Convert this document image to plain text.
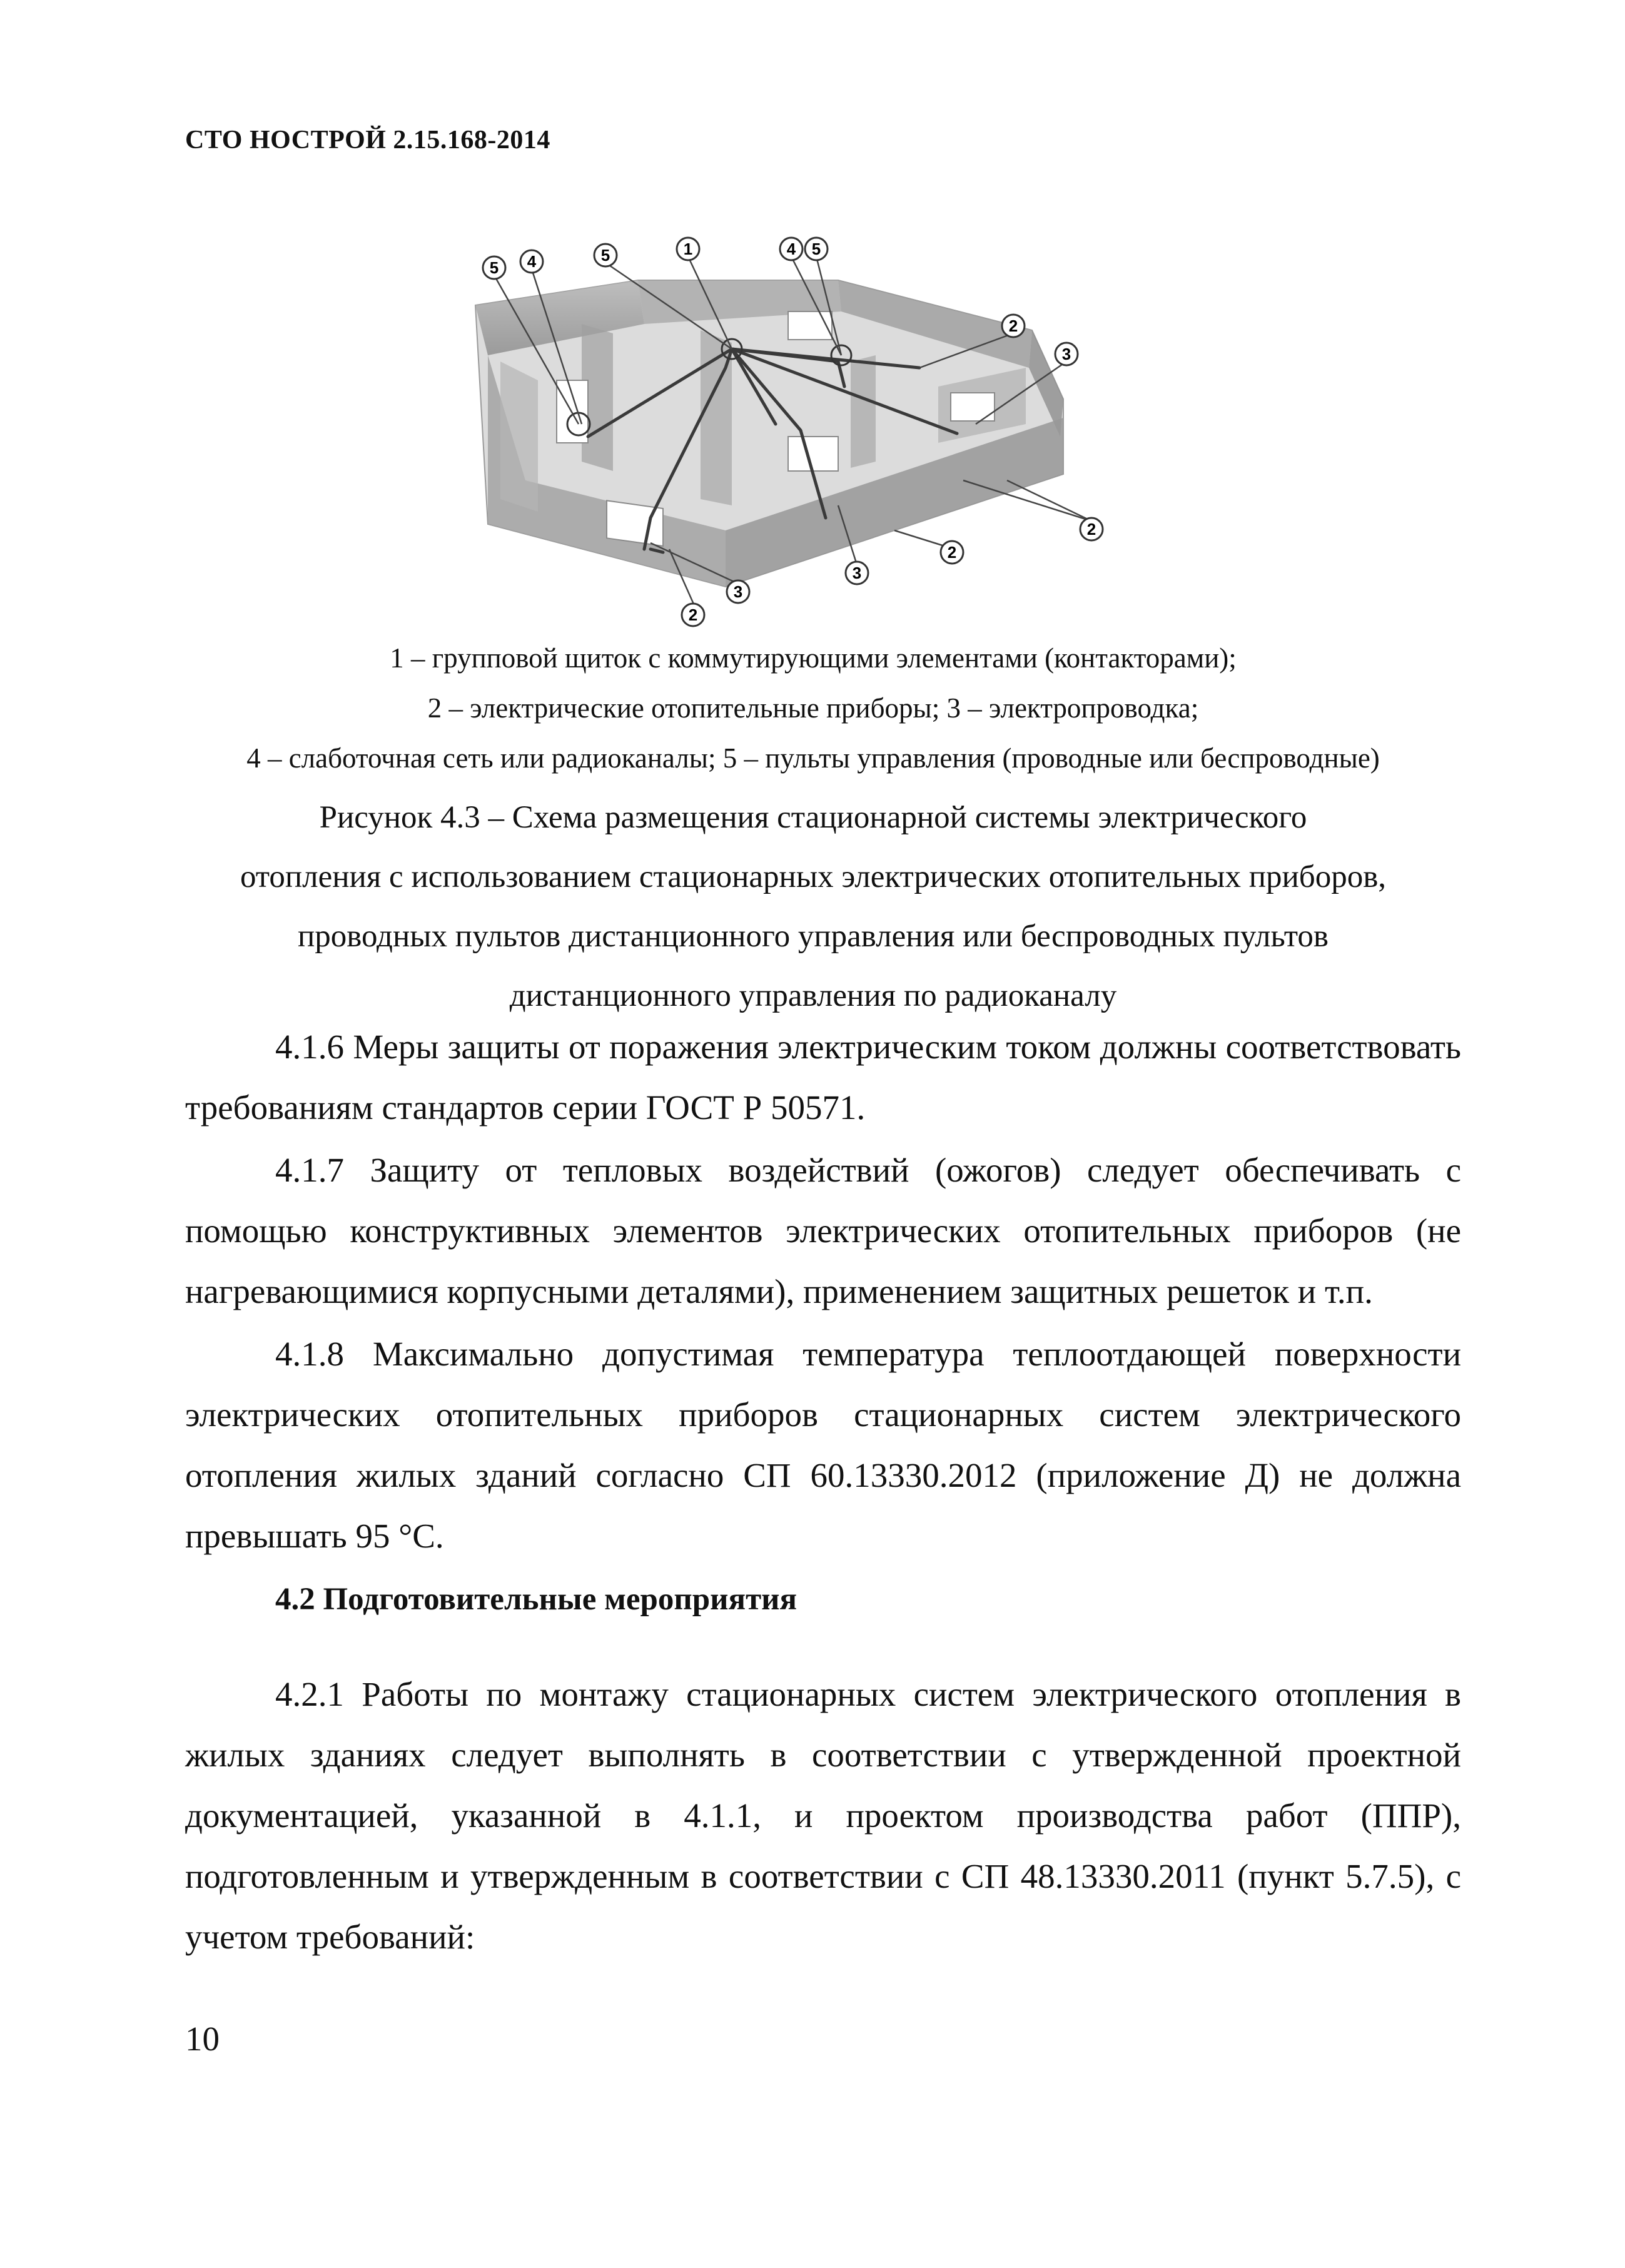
СТО НОСТРОЙ 2.15.168-2014
5 4	5	1	4 5
2
3
2
2
3
3
2
1 – групповой щиток с коммутирующими элементами (контакторами);
2 – электрические отопительные приборы; 3 – электропроводка;
4 – слаботочная сеть или радиоканалы; 5 – пульты управления (проводные или беспроводные)
Рисунок 4.3 – Схема размещения стационарной системы электрического
отопления с использованием стационарных электрических отопительных приборов,
проводных пультов дистанционного управления или беспроводных пультов
дистанционного управления по радиоканалу

4.1.6 Меры защиты от поражения электрическим током должны соответствовать требованиям стандартов серии ГОСТ Р 50571.

4.1.7 Защиту от тепловых воздействий (ожогов) следует обеспечивать с помощью конструктивных элементов электрических отопительных приборов (не нагревающимися корпусными деталями), применением защитных решеток и т.п.

4.1.8 Максимально допустимая температура теплоотдающей поверхности электрических отопительных приборов стационарных систем электрического отопления жилых зданий согласно СП 60.13330.2012 (приложение Д) не должна превышать 95 °С.

4.2 Подготовительные мероприятия

4.2.1 Работы по монтажу стационарных систем электрического отопления в жилых зданиях следует выполнять в соответствии с утвержденной проектной документацией, указанной в 4.1.1, и проектом производства работ (ППР), подготовленным и утвержденным в соответствии с СП 48.13330.2011 (пункт 5.7.5), с учетом требований:

10
